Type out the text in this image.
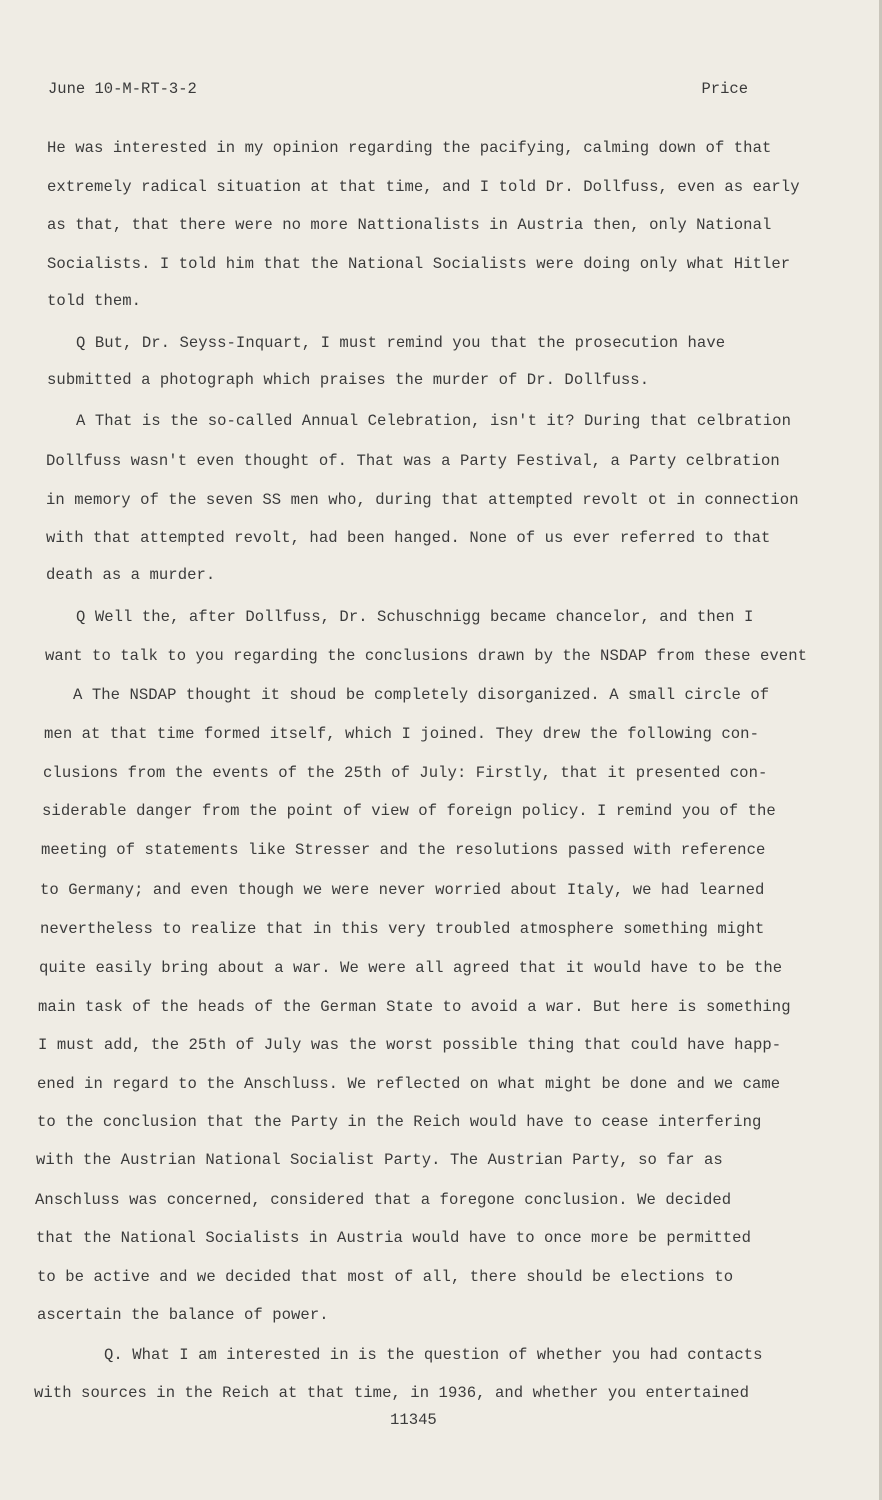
June 10-M-RT-3-2	Price
He was interested in my opinion regarding the pacifying, calming down of that
extremely radical situation at that time, and I told Dr. Dollfuss, even as early
as that, that there were no more Nattionalists in Austria then, only National
Socialists. I told him that the National Socialists were doing only what Hitler
told them.
Q But, Dr. Seyss-Inquart, I must remind you that the prosecution have
submitted a photograph which praises the murder of Dr. Dollfuss.
A That is the so-called Annual Celebration, isn't it? During that celbration
Dollfuss wasn't even thought of. That was a Party Festival, a Party celbration
in memory of the seven SS men who, during that attempted revolt ot in connection
with that attempted revolt, had been hanged. None of us ever referred to that
death as a murder.
Q Well the, after Dollfuss, Dr. Schuschnigg became chancelor, and then I
want to talk to you regarding the conclusions drawn by the NSDAP from these event
A The NSDAP thought it shoud be completely disorganized. A small circle of
men at that time formed itself, which I joined. They drew the following con-
clusions from the events of the 25th of July: Firstly, that it presented con-
siderable danger from the point of view of foreign policy. I remind you of the
meeting of statements like Stresser and the resolutions passed with reference
to Germany; and even though we were never worried about Italy, we had learned
nevertheless to realize that in this very troubled atmosphere something might
quite easily bring about a war. We were all agreed that it would have to be the
main task of the heads of the German State to avoid a war. But here is something
I must add, the 25th of July was the worst possible thing that could have happ-
ened in regard to the Anschluss. We reflected on what might be done and we came
to the conclusion that the Party in the Reich would have to cease interfering
with the Austrian National Socialist Party. The Austrian Party, so far as
Anschluss was concerned, considered that a foregone conclusion. We decided
that the National Socialists in Austria would have to once more be permitted
to be active and we decided that most of all, there should be elections to
ascertain the balance of power.
Q. What I am interested in is the question of whether you had contacts
with sources in the Reich at that time, in 1936, and whether you entertained
11345
